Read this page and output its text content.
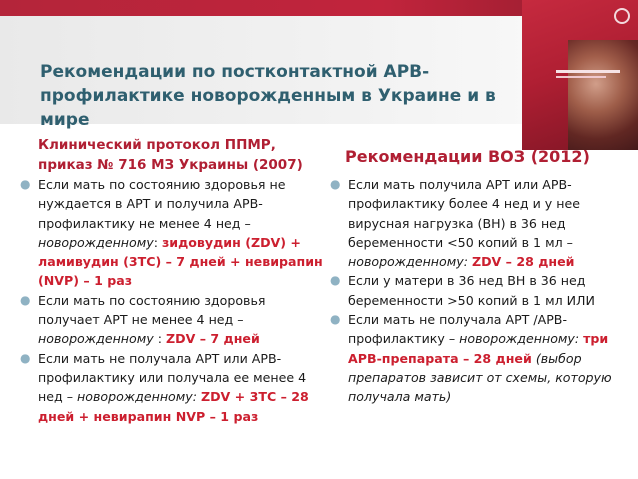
Рекомендации по постконтактной АРВ-профилактике новорожденным в Украине и в мире
Клинический протокол ППМР, приказ № 716 МЗ Украины (2007)	Рекомендации ВОЗ (2012)
● Если мать по состоянию здоровья не нуждается в АРТ и получила АРВ-профилактику не менее 4 нед – новорожденному: зидовудин (ZDV) + ламивудин (3TC) – 7 дней + невирапин (NVP) – 1 раз
● Если мать по состоянию здоровья получает АРТ не менее 4 нед – новорожденному : ZDV – 7 дней
● Если мать не получала АРТ или АРВ-профилактику или получала ее менее 4 нед – новорожденному: ZDV + 3TC – 28 дней + невирапин NVP – 1 раз
● Если мать получила АРТ или АРВ-профилактику более 4 нед и у нее вирусная нагрузка (ВН) в 36 нед беременности <50 копий в 1 мл – новорожденному: ZDV – 28 дней
● Если у матери в 36 нед ВН в 36 нед беременности >50 копий в 1 мл ИЛИ
● Если мать не получала АРТ /АРВ-профилактику – новорожденному: три АРВ-препарата – 28 дней (выбор препаратов зависит от схемы, которую получала мать)
